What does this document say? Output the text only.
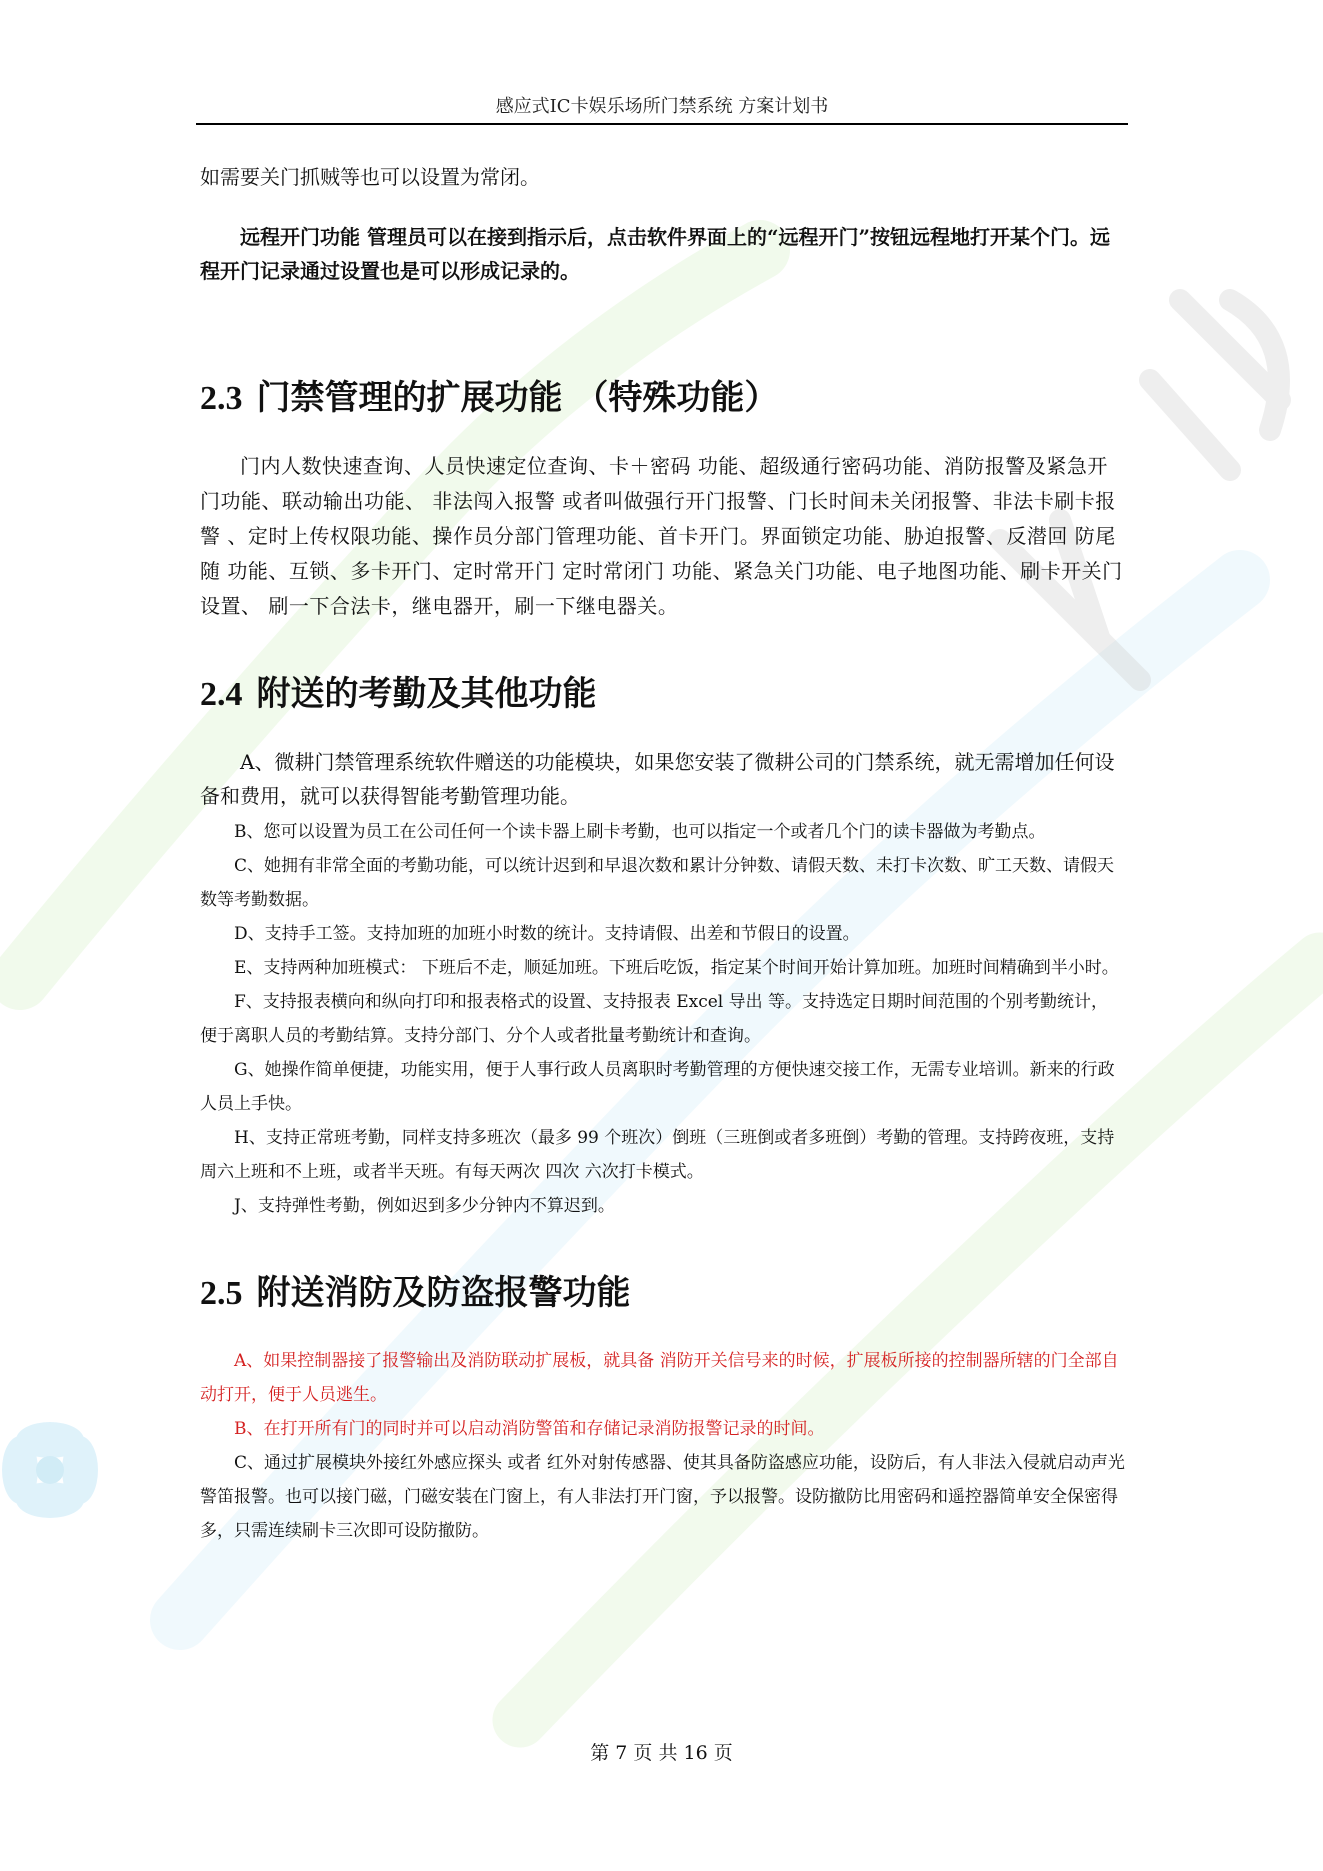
感应式IC卡娱乐场所门禁系统 方案计划书

如需要关门抓贼等也可以设置为常闭。

远程开门功能 管理员可以在接到指示后，点击软件界面上的“远程开门”按钮远程地打开某个门。远程开门记录通过设置也是可以形成记录的。

2.3 门禁管理的扩展功能 （特殊功能）

门内人数快速查询、人员快速定位查询、卡＋密码 功能、超级通行密码功能、消防报警及紧急开门功能、联动输出功能、 非法闯入报警 或者叫做强行开门报警、门长时间未关闭报警、非法卡刷卡报警 、定时上传权限功能、操作员分部门管理功能、首卡开门。界面锁定功能、胁迫报警、反潜回 防尾随 功能、互锁、多卡开门、定时常开门 定时常闭门 功能、紧急关门功能、电子地图功能、刷卡开关门设置、 刷一下合法卡，继电器开，刷一下继电器关。

2.4 附送的考勤及其他功能

A、微耕门禁管理系统软件赠送的功能模块，如果您安装了微耕公司的门禁系统，就无需增加任何设备和费用，就可以获得智能考勤管理功能。

B、您可以设置为员工在公司任何一个读卡器上刷卡考勤，也可以指定一个或者几个门的读卡器做为考勤点。

C、她拥有非常全面的考勤功能，可以统计迟到和早退次数和累计分钟数、请假天数、未打卡次数、旷工天数、请假天数等考勤数据。

D、支持手工签。支持加班的加班小时数的统计。支持请假、出差和节假日的设置。

E、支持两种加班模式： 下班后不走，顺延加班。下班后吃饭，指定某个时间开始计算加班。加班时间精确到半小时。

F、支持报表横向和纵向打印和报表格式的设置、支持报表 Excel 导出 等。支持选定日期时间范围的个别考勤统计，便于离职人员的考勤结算。支持分部门、分个人或者批量考勤统计和查询。

G、她操作简单便捷，功能实用，便于人事行政人员离职时考勤管理的方便快速交接工作，无需专业培训。新来的行政人员上手快。

H、支持正常班考勤，同样支持多班次（最多 99 个班次）倒班（三班倒或者多班倒）考勤的管理。支持跨夜班，支持周六上班和不上班，或者半天班。有每天两次 四次 六次打卡模式。

J、支持弹性考勤，例如迟到多少分钟内不算迟到。

2.5 附送消防及防盗报警功能

A、如果控制器接了报警输出及消防联动扩展板，就具备 消防开关信号来的时候，扩展板所接的控制器所辖的门全部自动打开，便于人员逃生。

B、在打开所有门的同时并可以启动消防警笛和存储记录消防报警记录的时间。

C、通过扩展模块外接红外感应探头 或者 红外对射传感器、使其具备防盗感应功能，设防后，有人非法入侵就启动声光警笛报警。也可以接门磁，门磁安装在门窗上，有人非法打开门窗，予以报警。设防撤防比用密码和遥控器简单安全保密得多，只需连续刷卡三次即可设防撤防。

第 7 页 共 16 页
